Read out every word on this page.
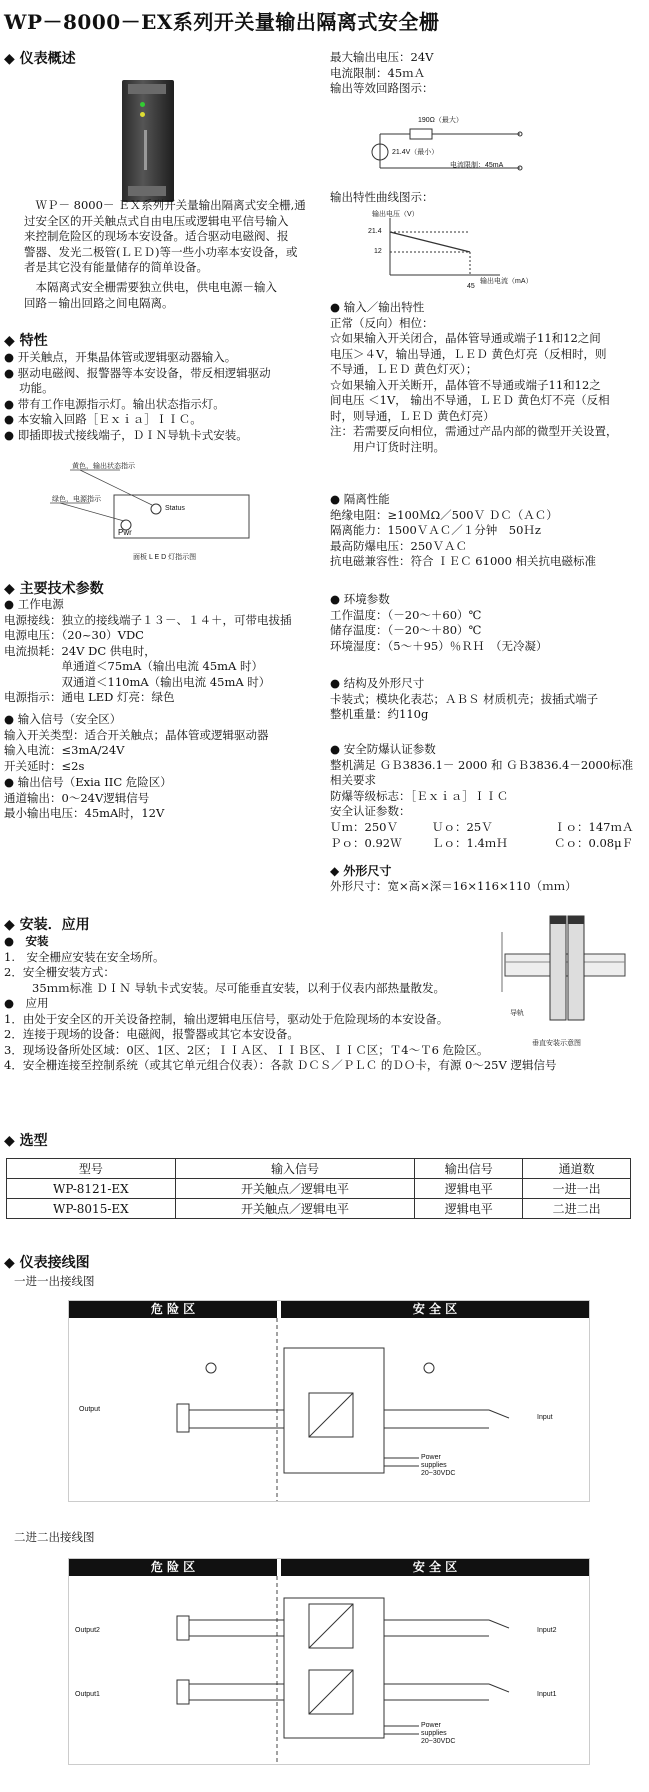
WP－8000－EX系列开关量输出隔离式安全栅
◆ 仪表概述
　ＷＰ－ 8000－ ＥＸ系列开关量输出隔离式安全栅,通
过安全区的开关触点式自由电压或逻辑电平信号输入
来控制危险区的现场本安设备。适合驱动电磁阀、报
警器、发光二极管(ＬＥＤ)等一些小功率本安设备，或
者是其它没有能量储存的简单设备。
　本隔离式安全栅需要独立供电，供电电源－输入
回路－输出回路之间电隔离。
◆ 特性
● 开关触点，开集晶体管或逻辑驱动器输入。
● 驱动电磁阀、报警器等本安设备，带反相逻辑驱动
　 功能。
● 带有工作电源指示灯。输出状态指示灯。
● 本安输入回路［Ｅｘｉａ］ＩＩＣ。
● 即插即拔式接线端子，ＤＩＮ导轨卡式安装。
黄色，输出状态指示
绿色，电源指示
Pwr
Status
面板 L E D 灯指示图
◆ 主要技术参数
● 工作电源
电源接线：独立的接线端子１３－、１４＋，可带电拔插
电源电压：（20~30）VDC
电流损耗：24V DC 供电时，
　　　　　单通道＜75mA（输出电流 45mA 时）
　　　　　双通道＜110mA（输出电流 45mA 时）
电源指示：通电 LED 灯亮：绿色
● 输入信号（安全区）
输入开关类型：适合开关触点；晶体管或逻辑驱动器
输入电流：≤3mA/24V
开关延时：≤2s
● 输出信号（Exia IIC 危险区）
通道输出：0～24V逻辑信号
最小输出电压：45mA时，12V
最大输出电压：24V
电流限制：45ｍＡ
输出等效回路图示：
190Ω（最大）
21.4V（最小）
电流限制：45mA
输出特性曲线图示：
输出电压（V）
21.4
12
输出电流（mA）
45
● 输入／输出特性
正常（反向）相位：
☆如果输入开关闭合，晶体管导通或端子11和12之间
电压＞４V，输出导通，ＬＥＤ 黄色灯亮（反相时，则
不导通，ＬＥＤ 黄色灯灭）；
☆如果输入开关断开，晶体管不导通或端子11和12之
间电压 ＜1V， 输出不导通，ＬＥＤ 黄色灯不亮（反相
时，则导通，ＬＥＤ 黄色灯亮）
注：若需要反向相位，需通过产品内部的微型开关设置，
　　用户订货时注明。
● 隔离性能
绝缘电阻：≥100ＭΩ／500Ｖ ＤＣ（ＡＣ）
隔离能力：1500ＶＡＣ／１分钟　50Ｈz
最高防爆电压：250ＶＡＣ
抗电磁兼容性：符合 ＩＥＣ 61000 相关抗电磁标准
● 环境参数
工作温度：（－20～＋60）℃
储存温度：（－20～＋80）℃
环境湿度：（5～＋95）％ＲＨ　（无冷凝）
● 结构及外形尺寸
卡装式；模块化表芯；ＡＢＳ 材质机壳；拔插式端子
整机重量：约110g
● 安全防爆认证参数
整机满足 ＧＢ3836.1－ 2000 和 ＧＢ3836.4－2000标准
相关要求
防爆等级标志：［Ｅｘｉａ］ＩＩＣ
安全认证参数：
Ｕｍ：250Ｖ	Ｕｏ：25Ｖ	Ｉｏ：147ｍＡ
Ｐｏ：0.92Ｗ	Ｌｏ：1.4ｍＨ	Ｃｏ：0.08μＦ
◆ 外形尺寸
外形尺寸：宽×高×深＝16×116×110（ｍｍ）
导轨
垂直安装示意图
◆ 安装．应用
●　安装
1.　安全栅应安装在安全场所。
2．安全栅安装方式：
35ｍｍ标准 ＤＩＮ 导轨卡式安装。尽可能垂直安装，以利于仪表内部热量散发。
●　应用
1．由处于安全区的开关设备控制，输出逻辑电压信号，驱动处于危险现场的本安设备。
2．连接于现场的设备：电磁阀，报警器或其它本安设备。
3．现场设备所处区域：0区、1区、2区；ＩＩＡ区、ＩＩＢ区、ＩＩＣ区；Ｔ4～Ｔ6 危险区。
4．安全栅连接至控制系统（或其它单元组合仪表）：各款 ＤＣＳ／ＰＬＣ 的ＤＯ卡，有源 0～25V 逻辑信号
◆ 选型
型号	输入信号	输出信号	通道数
WP-8121-EX	开关触点／逻辑电平	逻辑电平	一进一出
WP-8015-EX	开关触点／逻辑电平	逻辑电平	二进二出
◆ 仪表接线图
一进一出接线图
危 险 区	安 全 区
Output
Input
Power
supplies
20~30VDC
二进二出接线图
危 险 区	安 全 区
Output2
Output1
Input2
Input1
Power
supplies
20~30VDC
